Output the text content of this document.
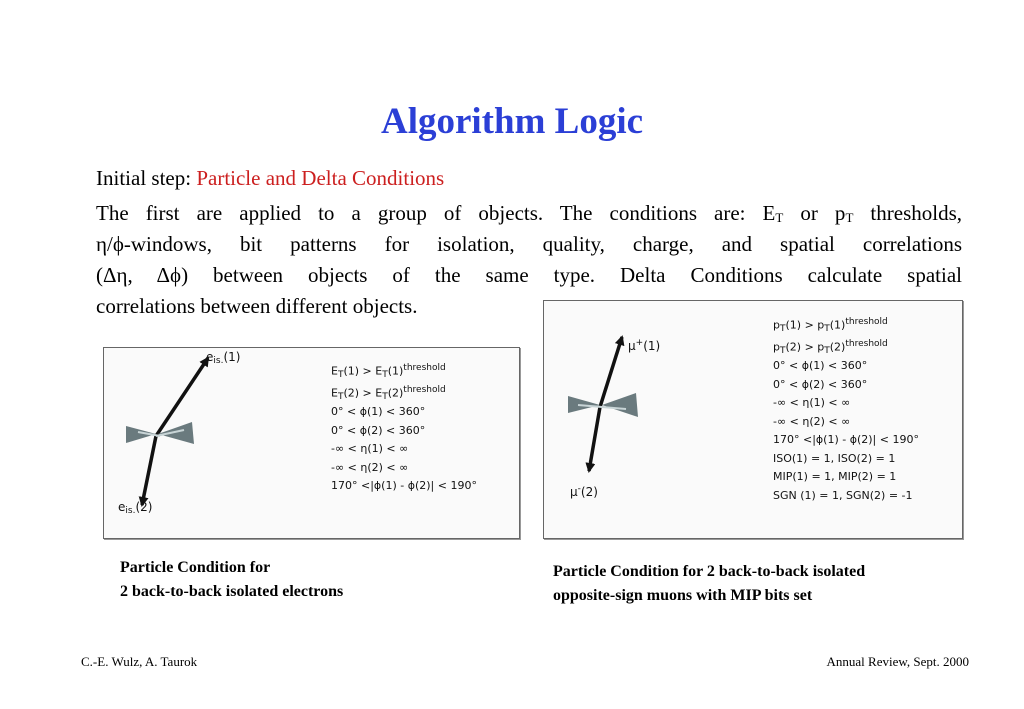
Algorithm Logic
Initial step: Particle and Delta Conditions
The first are applied to a group of objects. The conditions are: $E_T$ or $p_T$ thresholds,
η/ϕ-windows, bit patterns for isolation, quality, charge, and spatial correlations
(Δη, Δϕ) between objects of the same type. Delta Conditions calculate spatial
correlations between different objects.
$e_{is.}(1)$
$e_{is.}(2)$
$E_T(1) > E_T(1)^{threshold}$
$E_T(2) > E_T(2)^{threshold}$
0° < ϕ(1) < 360°
0° < ϕ(2) < 360°
-∞ < η(1) < ∞
-∞ < η(2) < ∞
170° <|ϕ(1) - ϕ(2)| < 190°
μ+(1)
μ-(2)
$p_T(1) > p_T(1)^{threshold}$
$p_T(2) > p_T(2)^{threshold}$
0° < ϕ(1) < 360°
0° < ϕ(2) < 360°
-∞ < η(1) < ∞
-∞ < η(2) < ∞
170° <|ϕ(1) - ϕ(2)| < 190°
ISO(1) = 1, ISO(2) = 1
MIP(1) = 1, MIP(2) = 1
SGN (1) = 1, SGN(2) = -1
Particle Condition for
2 back-to-back isolated electrons
Particle Condition for 2 back-to-back isolated
opposite-sign muons with MIP bits set
C.-E. Wulz, A. Taurok	Annual Review, Sept. 2000
